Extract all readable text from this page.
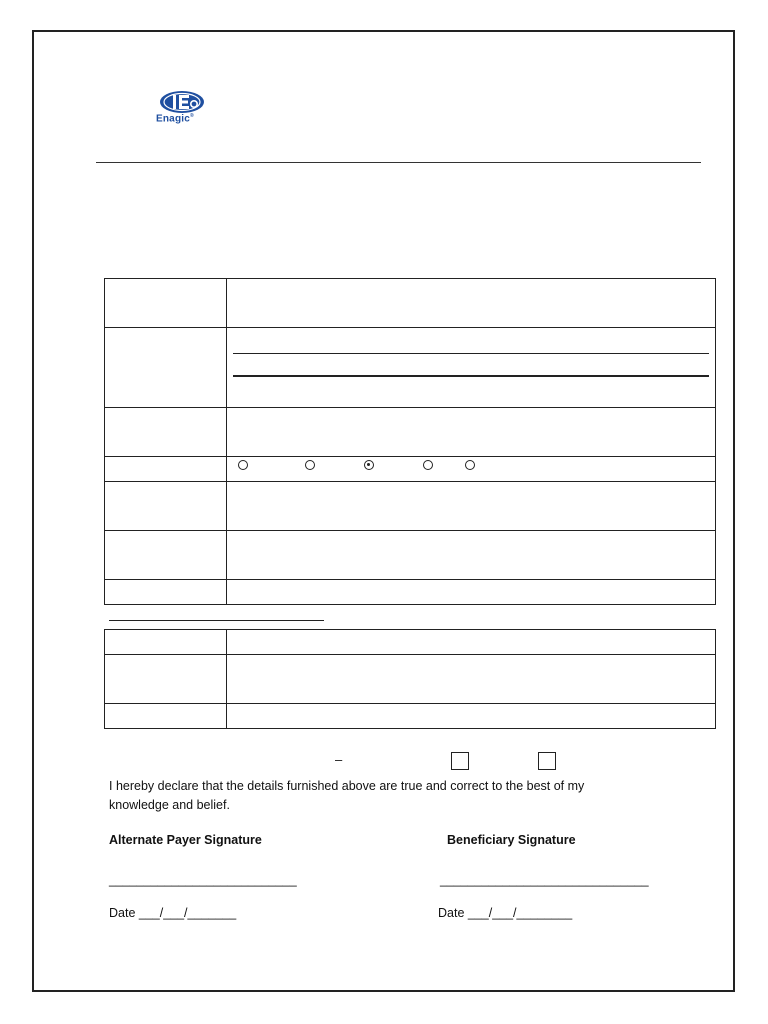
Enagic®

–
I hereby declare that the details furnished above are true and correct to the best of my knowledge and belief.
Alternate Payer Signature	Beneficiary Signature
___________________________	______________________________
Date ___/___/_______	Date ___/___/________
